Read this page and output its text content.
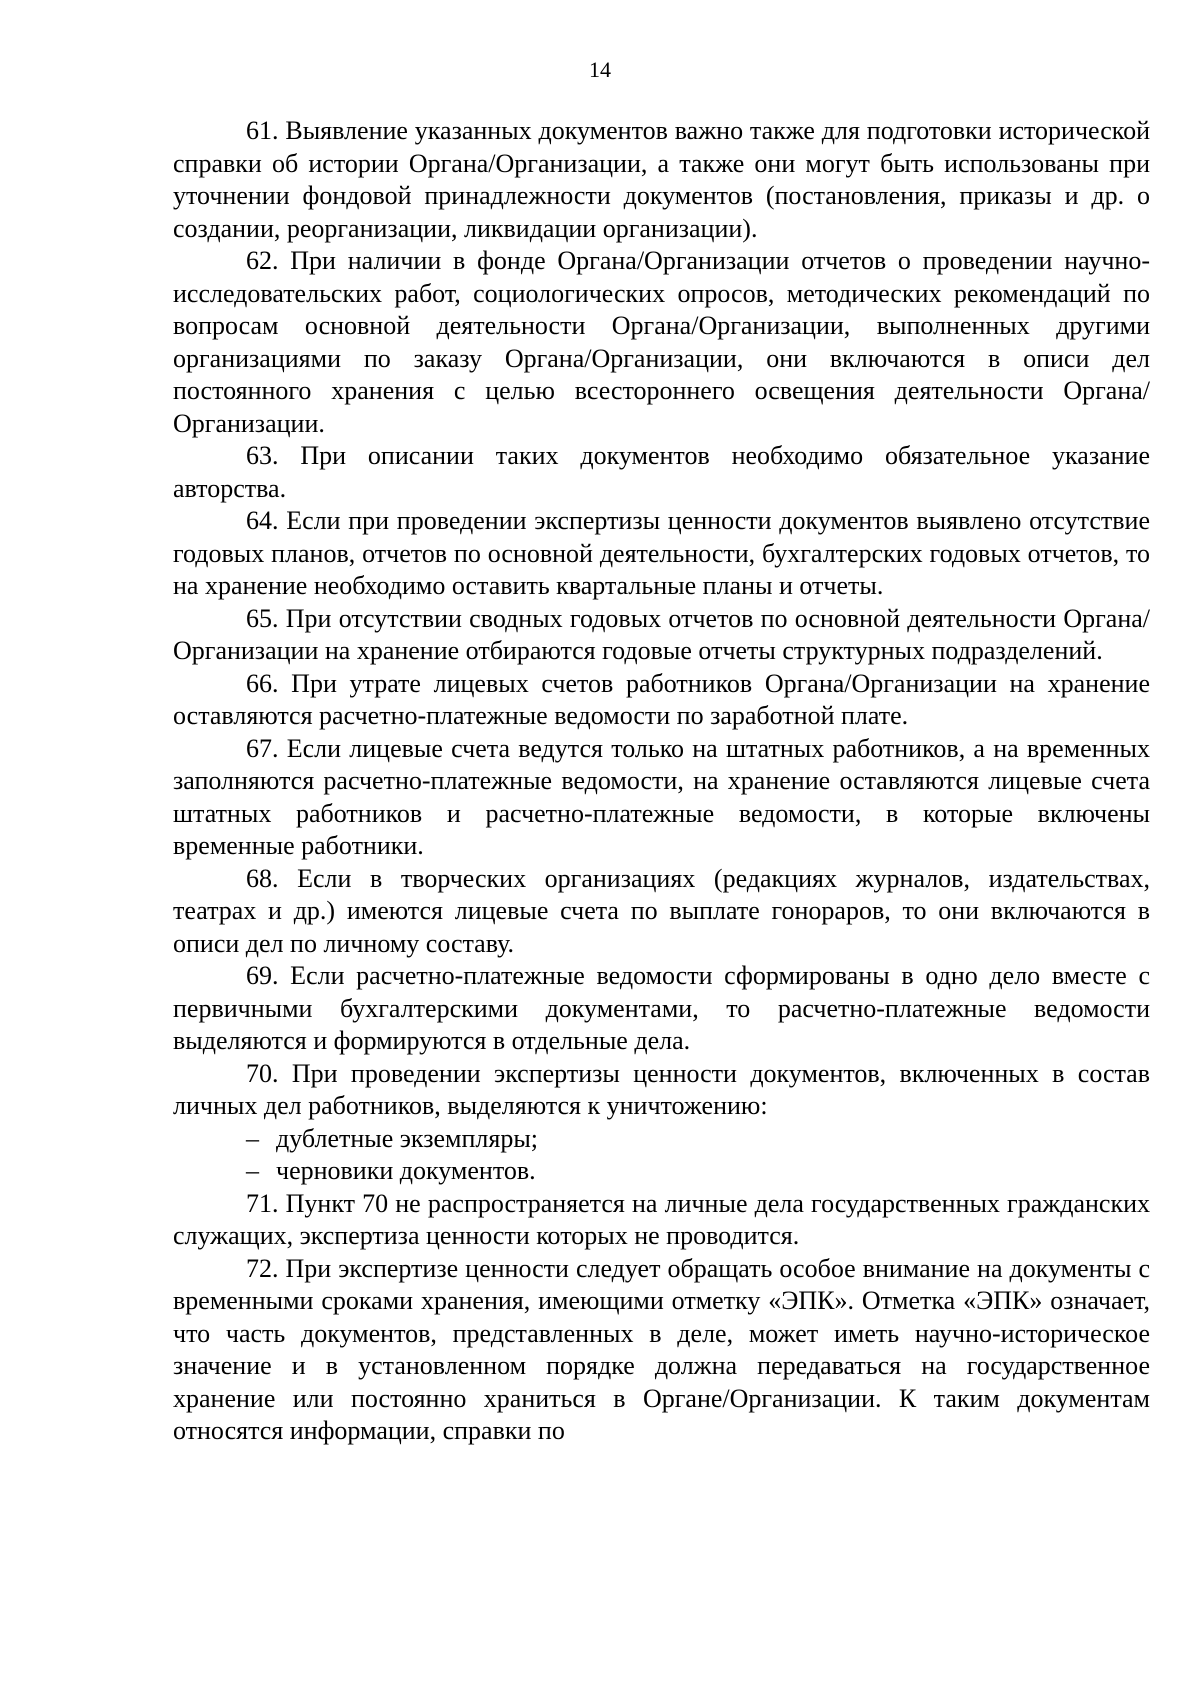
14

61. Выявление указанных документов важно также для подготовки исторической справки об истории Органа/Организации, а также они могут быть использованы при уточнении фондовой принадлежности документов (постановления, приказы и др. о создании, реорганизации, ликвидации организации).

62. При наличии в фонде Органа/Организации отчетов о проведении научно-исследовательских работ, социологических опросов, методических рекомендаций по вопросам основной деятельности Органа/Организации, выполненных другими организациями по заказу Органа/Организации, они включаются в описи дел постоянного хранения с целью всестороннего освещения деятельности Органа/Организации.

63. При описании таких документов необходимо обязательное указание авторства.

64. Если при проведении экспертизы ценности документов выявлено отсутствие годовых планов, отчетов по основной деятельности, бухгалтерских годовых отчетов, то на хранение необходимо оставить квартальные планы и отчеты.

65. При отсутствии сводных годовых отчетов по основной деятельности Органа/Организации на хранение отбираются годовые отчеты структурных подразделений.

66. При утрате лицевых счетов работников Органа/Организации на хранение оставляются расчетно-платежные ведомости по заработной плате.

67. Если лицевые счета ведутся только на штатных работников, а на временных заполняются расчетно-платежные ведомости, на хранение оставляются лицевые счета штатных работников и расчетно-платежные ведомости, в которые включены временные работники.

68. Если в творческих организациях (редакциях журналов, издательствах, театрах и др.) имеются лицевые счета по выплате гонораров, то они включаются в описи дел по личному составу.

69. Если расчетно-платежные ведомости сформированы в одно дело вместе с первичными бухгалтерскими документами, то расчетно-платежные ведомости выделяются и формируются в отдельные дела.

70. При проведении экспертизы ценности документов, включенных в состав личных дел работников, выделяются к уничтожению:

– дублетные экземпляры;

– черновики документов.

71. Пункт 70 не распространяется на личные дела государственных гражданских служащих, экспертиза ценности которых не проводится.

72. При экспертизе ценности следует обращать особое внимание на документы с временными сроками хранения, имеющими отметку «ЭПК». Отметка «ЭПК» означает, что часть документов, представленных в деле, может иметь научно-историческое значение и в установленном порядке должна передаваться на государственное хранение или постоянно храниться в Органе/Организации. К таким документам относятся информации, справки по
